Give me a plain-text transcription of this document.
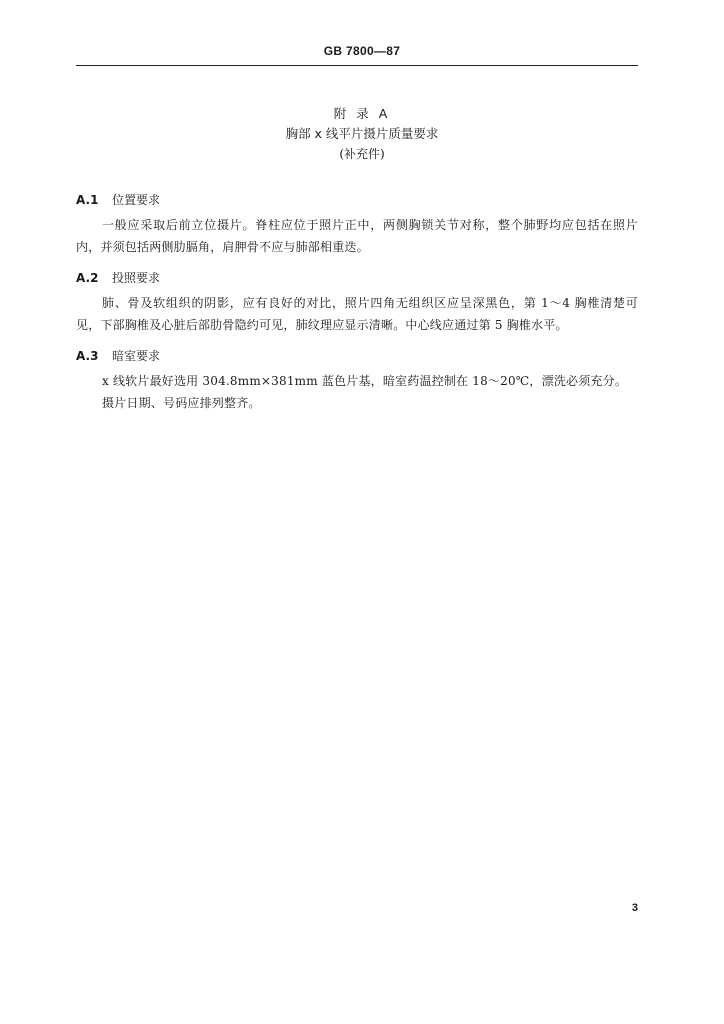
GB 7800—87
附 录 A
胸部 x 线平片摄片质量要求
(补充件)
A.1 位置要求

一般应采取后前立位摄片。脊柱应位于照片正中，两侧胸锁关节对称，整个肺野均应包括在照片内，并须包括两侧肋膈角，肩胛骨不应与肺部相重迭。

A.2 投照要求

肺、骨及软组织的阴影，应有良好的对比，照片四角无组织区应呈深黑色，第 1～4 胸椎清楚可见，下部胸椎及心脏后部肋骨隐约可见，肺纹理应显示清晰。中心线应通过第 5 胸椎水平。

A.3 暗室要求

x 线软片最好选用 304.8mm×381mm 蓝色片基，暗室药温控制在 18～20℃，漂洗必须充分。

摄片日期、号码应排列整齐。

3
